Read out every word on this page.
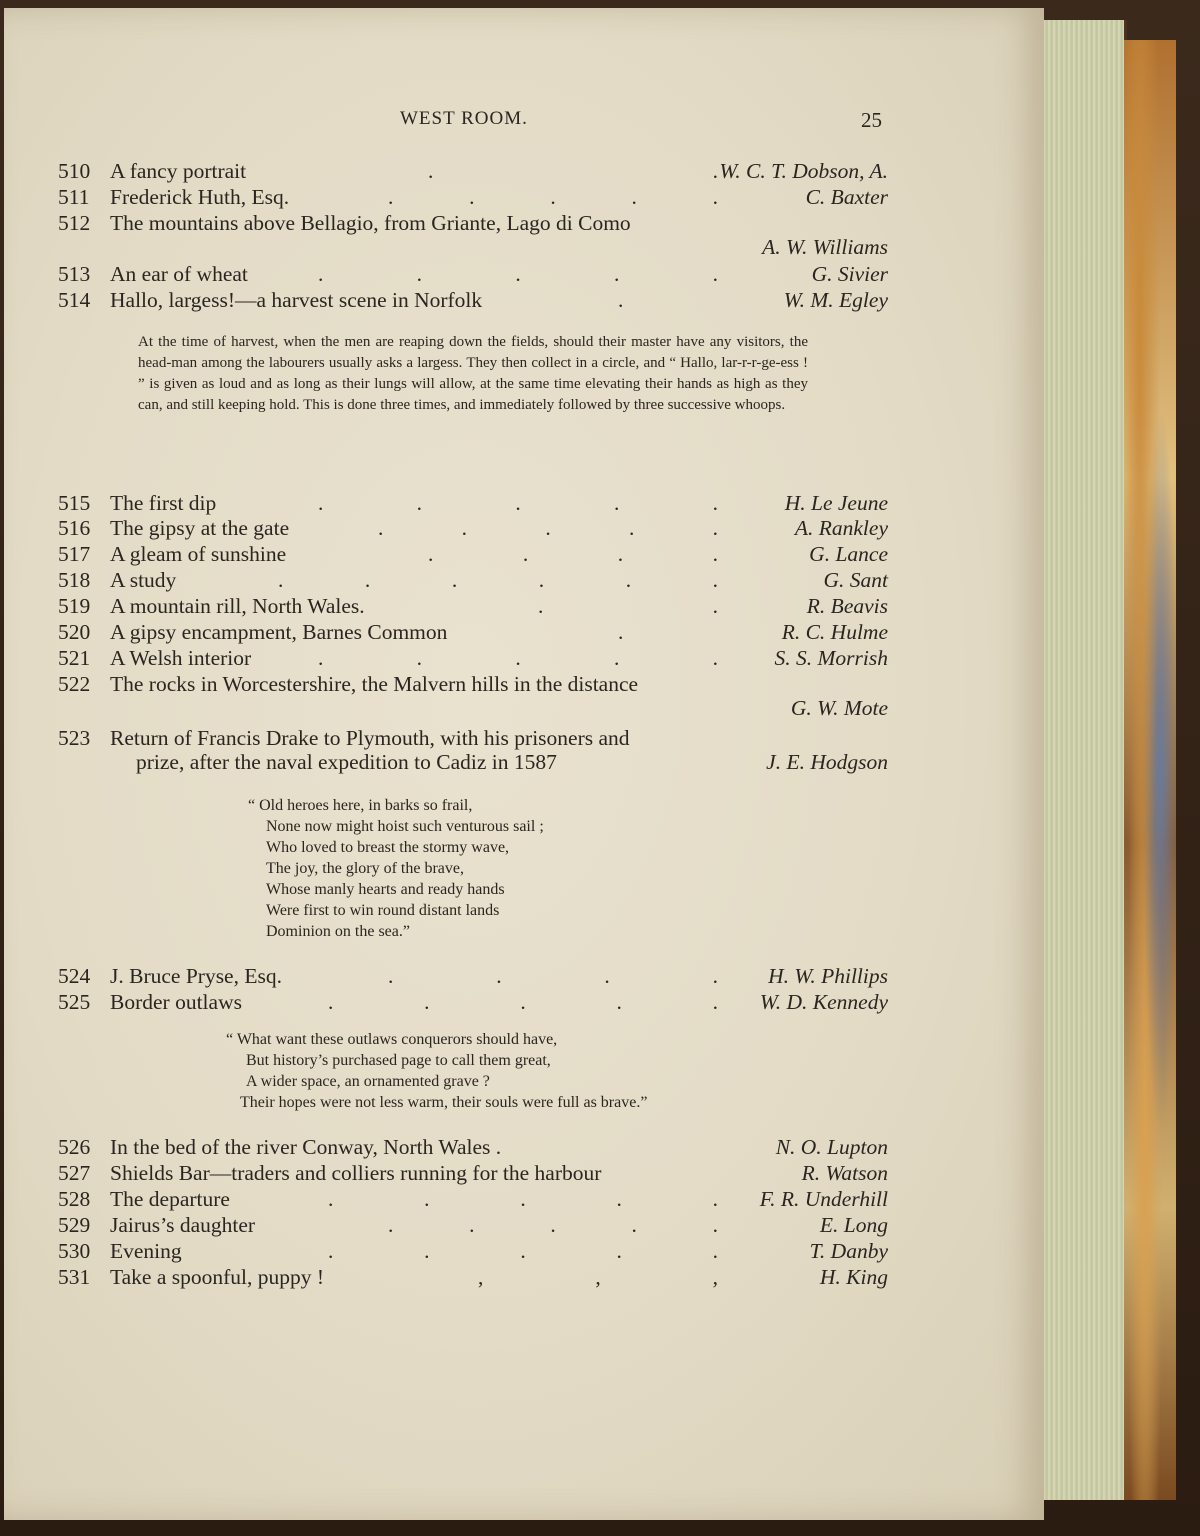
WEST ROOM.	25
510 A fancy portrait	.	. W. C. T. Dobson, A.
511 Frederick Huth, Esq.	.	.	.	.	.	C. Baxter
512 The mountains above Bellagio, from Griante, Lago di Como
A. W. Williams
513 An ear of wheat	.	.	.	.	.	G. Sivier
514 Hallo, largess!—a harvest scene in Norfolk	.	W. M. Egley

At the time of harvest, when the men are reaping down the fields, should their master have any visitors, the head-man among the labourers usually asks a largess. They then collect in a circle, and “ Hallo, lar-r-r-ge-ess ! ” is given as loud and as long as their lungs will allow, at the same time elevating their hands as high as they can, and still keeping hold. This is done three times, and immediately followed by three successive whoops.

515 The first dip	.	.	.	.	.	H. Le Jeune
516 The gipsy at the gate	.	.	.	.	.	A. Rankley
517 A gleam of sunshine	.	.	.	.	G. Lance
518 A study	.	.	.	.	.	.	G. Sant
519 A mountain rill, North Wales.	.	.	R. Beavis
520 A gipsy encampment, Barnes Common	.	R. C. Hulme
521 A Welsh interior	.	.	.	.	.	S. S. Morrish
522 The rocks in Worcestershire, the Malvern hills in the distance
G. W. Mote
523 Return of Francis Drake to Plymouth, with his prisoners and
prize, after the naval expedition to Cadiz in 1587	J. E. Hodgson
“ Old heroes here, in barks so frail,
None now might hoist such venturous sail ;
Who loved to breast the stormy wave,
The joy, the glory of the brave,
Whose manly hearts and ready hands
Were first to win round distant lands
Dominion on the sea.”
524 J. Bruce Pryse, Esq.	.	.	.	. H. W. Phillips
525 Border outlaws	.	.	.	.	. W. D. Kennedy
“ What want these outlaws conquerors should have,
But history’s purchased page to call them great,
A wider space, an ornamented grave ?
Their hopes were not less warm, their souls were full as brave.”
526 In the bed of the river Conway, North Wales .	N. O. Lupton
527 Shields Bar—traders and colliers running for the harbour	R. Watson
528 The departure	.	.	.	.	. F. R. Underhill
529 Jairus’s daughter	.	.	.	.	.	E. Long
530 Evening	.	.	.	.	.	T. Danby
531 Take a spoonful, puppy !	,	,	,	H. King
